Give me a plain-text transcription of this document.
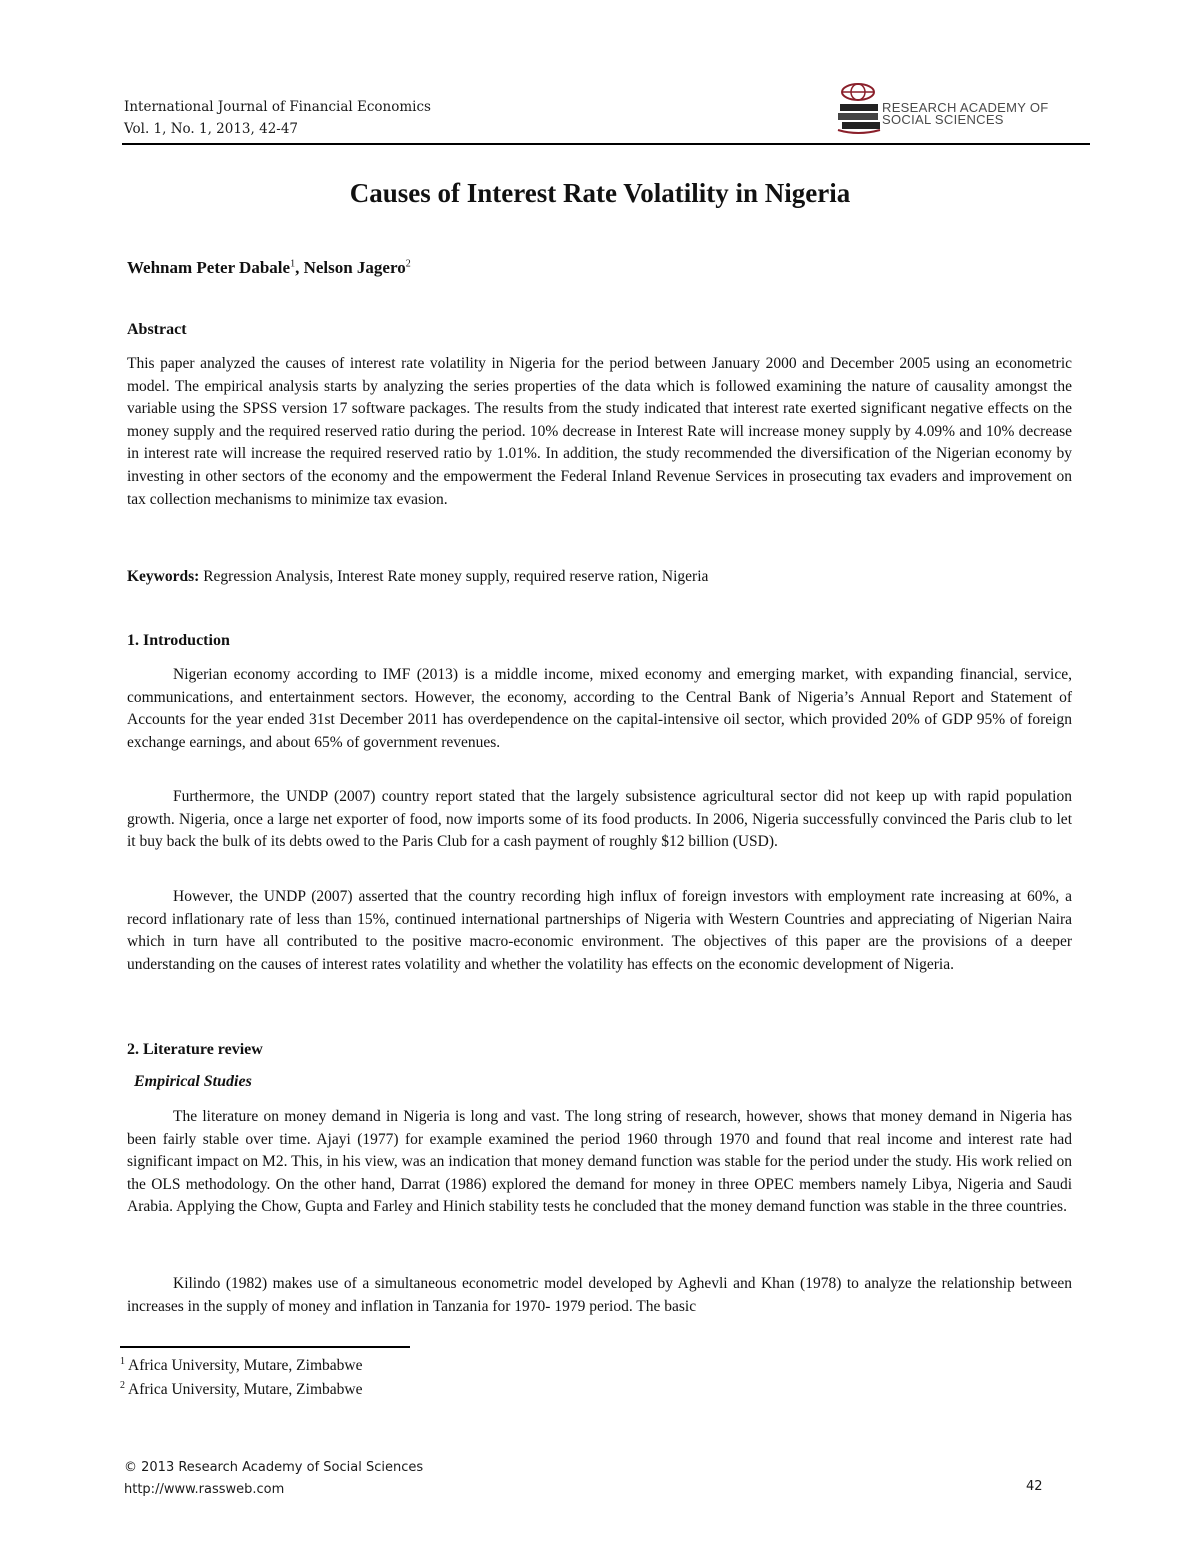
International Journal of Financial Economics
Vol. 1, No. 1, 2013, 42-47
RESEARCH ACADEMY OF
SOCIAL SCIENCES
Causes of Interest Rate Volatility in Nigeria
Wehnam Peter Dabale$^1$, Nelson Jagero$^2$
Abstract
This paper analyzed the causes of interest rate volatility in Nigeria for the period between January 2000 and December 2005 using an econometric model. The empirical analysis starts by analyzing the series properties of the data which is followed examining the nature of causality amongst the variable using the SPSS version 17 software packages. The results from the study indicated that interest rate exerted significant negative effects on the money supply and the required reserved ratio during the period. 10% decrease in Interest Rate will increase money supply by 4.09% and 10% decrease in interest rate will increase the required reserved ratio by 1.01%. In addition, the study recommended the diversification of the Nigerian economy by investing in other sectors of the economy and the empowerment the Federal Inland Revenue Services in prosecuting tax evaders and improvement on tax collection mechanisms to minimize tax evasion.
Keywords: Regression Analysis, Interest Rate money supply, required reserve ration, Nigeria
1. Introduction
Nigerian economy according to IMF (2013) is a middle income, mixed economy and emerging market, with expanding financial, service, communications, and entertainment sectors. However, the economy, according to the Central Bank of Nigeria’s Annual Report and Statement of Accounts for the year ended 31st December 2011 has overdependence on the capital-intensive oil sector, which provided 20% of GDP 95% of foreign exchange earnings, and about 65% of government revenues.
Furthermore, the UNDP (2007) country report stated that the largely subsistence agricultural sector did not keep up with rapid population growth. Nigeria, once a large net exporter of food, now imports some of its food products. In 2006, Nigeria successfully convinced the Paris club to let it buy back the bulk of its debts owed to the Paris Club for a cash payment of roughly $12 billion (USD).
However, the UNDP (2007) asserted that the country recording high influx of foreign investors with employment rate increasing at 60%, a record inflationary rate of less than 15%, continued international partnerships of Nigeria with Western Countries and appreciating of Nigerian Naira which in turn have all contributed to the positive macro-economic environment. The objectives of this paper are the provisions of a deeper understanding on the causes of interest rates volatility and whether the volatility has effects on the economic development of Nigeria.
2. Literature review
Empirical Studies
The literature on money demand in Nigeria is long and vast. The long string of research, however, shows that money demand in Nigeria has been fairly stable over time. Ajayi (1977) for example examined the period 1960 through 1970 and found that real income and interest rate had significant impact on M2. This, in his view, was an indication that money demand function was stable for the period under the study. His work relied on the OLS methodology. On the other hand, Darrat (1986) explored the demand for money in three OPEC members namely Libya, Nigeria and Saudi Arabia. Applying the Chow, Gupta and Farley and Hinich stability tests he concluded that the money demand function was stable in the three countries.
Kilindo (1982) makes use of a simultaneous econometric model developed by Aghevli and Khan (1978) to analyze the relationship between increases in the supply of money and inflation in Tanzania for 1970- 1979 period. The basic
$^1$ Africa University, Mutare, Zimbabwe
$^2$ Africa University, Mutare, Zimbabwe
© 2013 Research Academy of Social Sciences
http://www.rassweb.com	42
